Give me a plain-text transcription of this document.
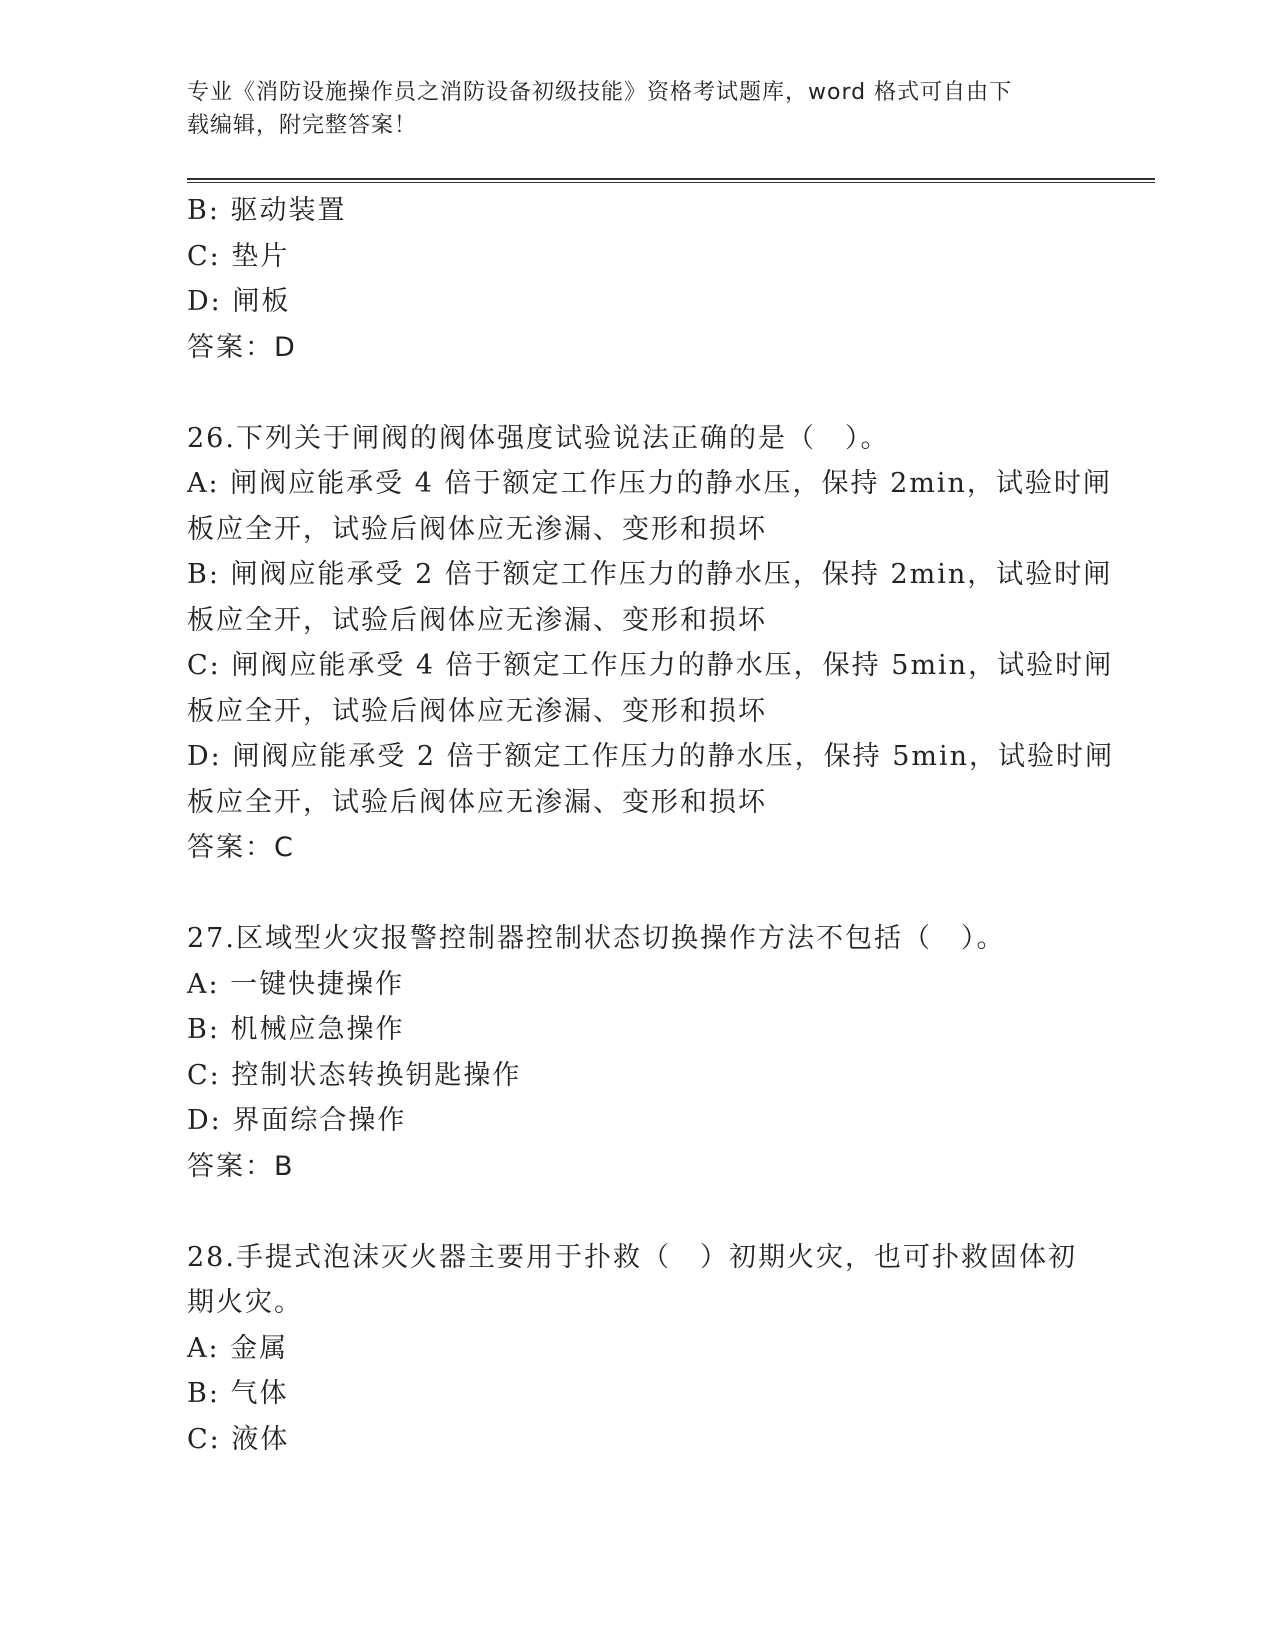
专业《消防设施操作员之消防设备初级技能》资格考试题库，word 格式可自由下
载编辑，附完整答案！

B: 驱动装置

C: 垫片

D: 闸板

答案：D

26.下列关于闸阀的阀体强度试验说法正确的是（　）。

A: 闸阀应能承受 4 倍于额定工作压力的静水压，保持 2min，试验时闸

板应全开，试验后阀体应无渗漏、变形和损坏

B: 闸阀应能承受 2 倍于额定工作压力的静水压，保持 2min，试验时闸

板应全开，试验后阀体应无渗漏、变形和损坏

C: 闸阀应能承受 4 倍于额定工作压力的静水压，保持 5min，试验时闸

板应全开，试验后阀体应无渗漏、变形和损坏

D: 闸阀应能承受 2 倍于额定工作压力的静水压，保持 5min，试验时闸

板应全开，试验后阀体应无渗漏、变形和损坏

答案：C

27.区域型火灾报警控制器控制状态切换操作方法不包括（　）。

A: 一键快捷操作

B: 机械应急操作

C: 控制状态转换钥匙操作

D: 界面综合操作

答案：B

28.手提式泡沫灭火器主要用于扑救（　）初期火灾，也可扑救固体初

期火灾。

A: 金属

B: 气体

C: 液体
